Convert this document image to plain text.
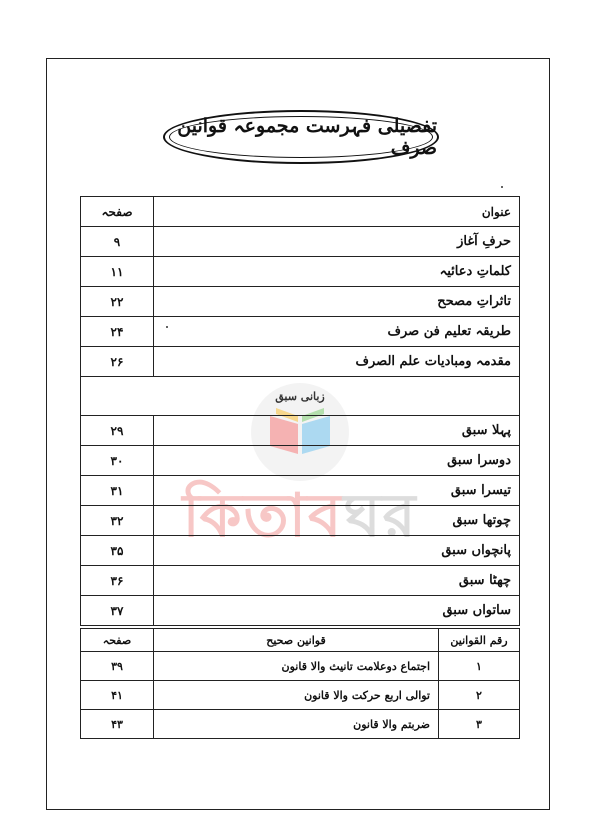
تفصیلی فہرست مجموعہ قوانین صرف
কিতাবঘর
عنوان	صفحہ
حرفِ آغاز	۹
کلماتِ دعائیہ	۱۱
تاثراتِ مصحح	۲۲
طریقہ تعلیم فن صرف	۲۴
مقدمہ ومبادیات علم الصرف	۲۶
زبانی سبق	
پہلا سبق	۲۹
دوسرا سبق	۳۰
تیسرا سبق	۳۱
چوتھا سبق	۳۲
پانچواں سبق	۳۵
چھٹا سبق	۳۶
ساتواں سبق	۳۷
رقم القوانین	قوانین صحیح	صفحہ
۱	اجتماع دوعلامت تانیث والا قانون	۳۹
۲	توالی اربع حرکت والا قانون	۴۱
۳	ضربتم والا قانون	۴۳
